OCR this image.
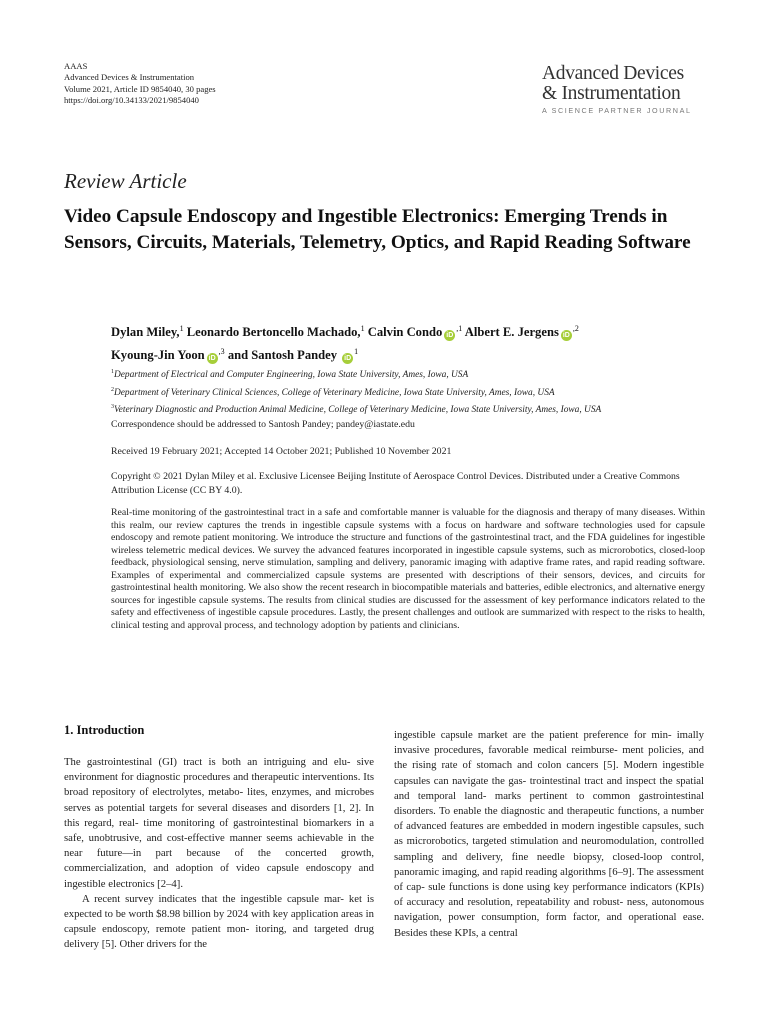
AAAS
Advanced Devices & Instrumentation
Volume 2021, Article ID 9854040, 30 pages
https://doi.org/10.34133/2021/9854040
Advanced Devices
& Instrumentation
A SCIENCE PARTNER JOURNAL
Review Article
Video Capsule Endoscopy and Ingestible Electronics: Emerging Trends in Sensors, Circuits, Materials, Telemetry, Optics, and Rapid Reading Software
Dylan Miley,$^1$ Leonardo Bertoncello Machado,$^1$ Calvin Condo $iD^{,1}$ Albert E. Jergens $iD^{,2}$
Kyoung-Jin Yoon $iD^{,3}$ and Santosh Pandey $iD^1$
$^1$Department of Electrical and Computer Engineering, Iowa State University, Ames, Iowa, USA
$^2$Department of Veterinary Clinical Sciences, College of Veterinary Medicine, Iowa State University, Ames, Iowa, USA
$^3$Veterinary Diagnostic and Production Animal Medicine, College of Veterinary Medicine, Iowa State University, Ames, Iowa, USA
Correspondence should be addressed to Santosh Pandey; pandey@iastate.edu
Received 19 February 2021; Accepted 14 October 2021; Published 10 November 2021
Copyright © 2021 Dylan Miley et al. Exclusive Licensee Beijing Institute of Aerospace Control Devices. Distributed under a Creative Commons Attribution License (CC BY 4.0).
Real-time monitoring of the gastrointestinal tract in a safe and comfortable manner is valuable for the diagnosis and therapy of many diseases. Within this realm, our review captures the trends in ingestible capsule systems with a focus on hardware and software technologies used for capsule endoscopy and remote patient monitoring. We introduce the structure and functions of the gastrointestinal tract, and the FDA guidelines for ingestible wireless telemetric medical devices. We survey the advanced features incorporated in ingestible capsule systems, such as microrobotics, closed-loop feedback, physiological sensing, nerve stimulation, sampling and delivery, panoramic imaging with adaptive frame rates, and rapid reading software. Examples of experimental and commercialized capsule systems are presented with descriptions of their sensors, devices, and circuits for gastrointestinal health monitoring. We also show the recent research in biocompatible materials and batteries, edible electronics, and alternative energy sources for ingestible capsule systems. The results from clinical studies are discussed for the assessment of key performance indicators related to the safety and effectiveness of ingestible capsule procedures. Lastly, the present challenges and outlook are summarized with respect to the risks to health, clinical testing and approval process, and technology adoption by patients and clinicians.
1. Introduction

The gastrointestinal (GI) tract is both an intriguing and elu- sive environment for diagnostic procedures and therapeutic interventions. Its broad repository of electrolytes, metabo- lites, enzymes, and microbes serves as potential targets for several diseases and disorders [1, 2]. In this regard, real- time monitoring of gastrointestinal biomarkers in a safe, unobtrusive, and cost-effective manner seems achievable in the near future—in part because of the concerted growth, commercialization, and adoption of video capsule endoscopy and ingestible electronics [2–4].

A recent survey indicates that the ingestible capsule mar- ket is expected to be worth $8.98 billion by 2024 with key application areas in capsule endoscopy, remote patient mon- itoring, and targeted drug delivery [5]. Other drivers for the

ingestible capsule market are the patient preference for min- imally invasive procedures, favorable medical reimburse- ment policies, and the rising rate of stomach and colon cancers [5]. Modern ingestible capsules can navigate the gas- trointestinal tract and inspect the spatial and temporal land- marks pertinent to common gastrointestinal disorders. To enable the diagnostic and therapeutic functions, a number of advanced features are embedded in modern ingestible capsules, such as microrobotics, targeted stimulation and neuromodulation, controlled sampling and delivery, fine needle biopsy, closed-loop control, panoramic imaging, and rapid reading algorithms [6–9]. The assessment of cap- sule functions is done using key performance indicators (KPIs) of accuracy and resolution, repeatability and robust- ness, autonomous navigation, power consumption, form factor, and operational ease. Besides these KPIs, a central
